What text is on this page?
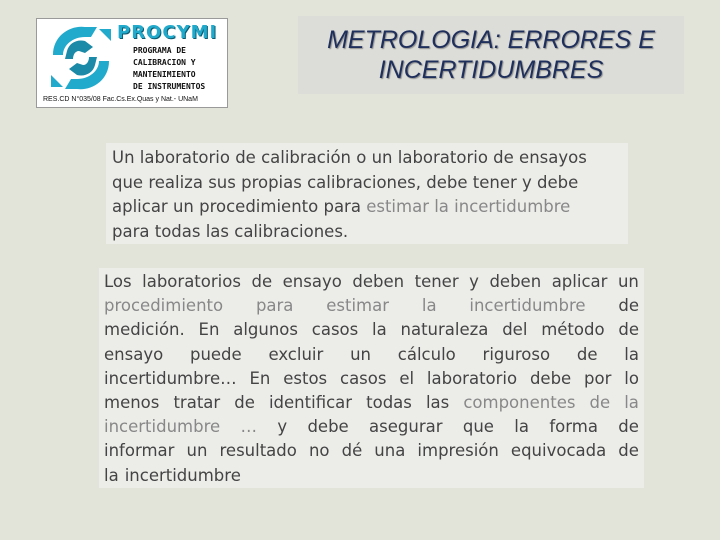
PROCYMI
PROGRAMA DE
CALIBRACION Y
MANTENIMIENTO
DE INSTRUMENTOS
RES.CD N°035/08 Fac.Cs.Ex.Quas y Nat.- UNaM
METROLOGIA: ERRORES E
INCERTIDUMBRES
Un laboratorio de calibración o un laboratorio de ensayos
que realiza sus propias calibraciones, debe tener y debe
aplicar un procedimiento para estimar la incertidumbre
para todas las calibraciones.
Los laboratorios de ensayo deben tener y deben aplicar un
procedimiento para estimar la incertidumbre de
medición. En algunos casos la naturaleza del método de
ensayo puede excluir un cálculo riguroso de la
incertidumbre… En estos casos el laboratorio debe por lo
menos tratar de identificar todas las componentes de la
incertidumbre … y debe asegurar que la forma de
informar un resultado no dé una impresión equivocada de
la incertidumbre
